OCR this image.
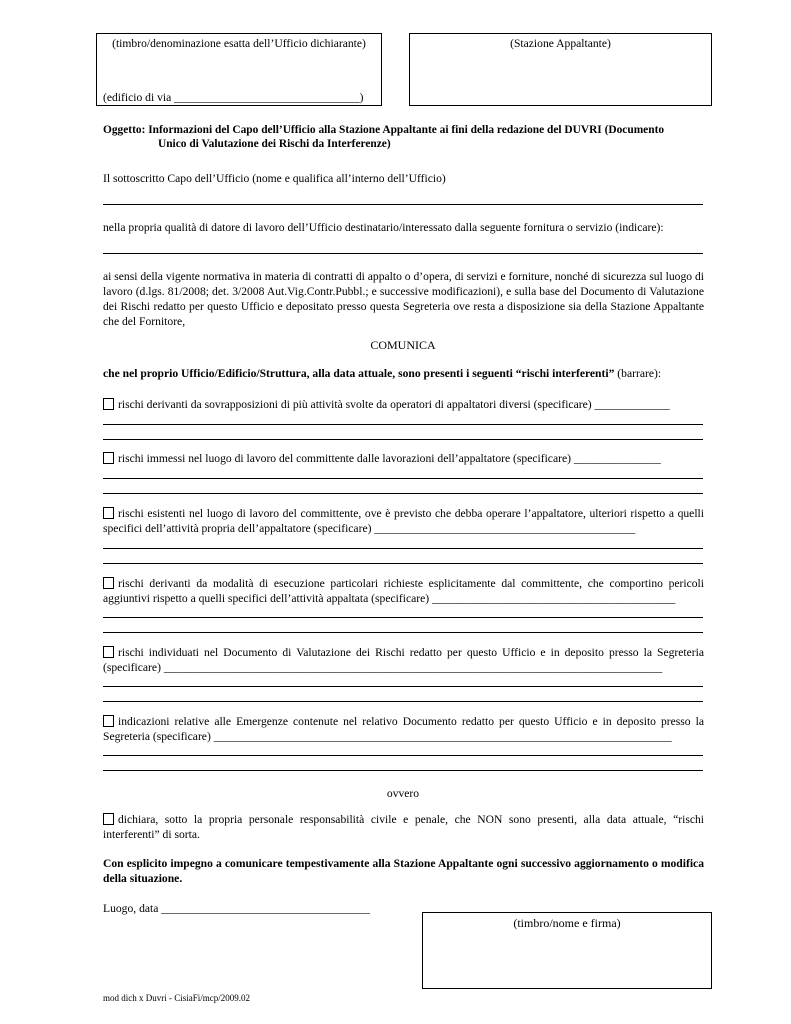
(timbro/denominazione esatta dell’Ufficio dichiarante)
(edificio di via ________________________________)
(Stazione Appaltante)
Oggetto: Informazioni del Capo dell’Ufficio alla Stazione Appaltante ai fini della redazione del DUVRI (Documento
Unico di Valutazione dei Rischi da Interferenze)
Il sottoscritto Capo dell’Ufficio (nome e qualifica all’interno dell’Ufficio)
nella propria qualità di datore di lavoro dell’Ufficio destinatario/interessato dalla seguente fornitura o servizio (indicare):
ai sensi della vigente normativa in materia di contratti di appalto o d’opera, di servizi e forniture, nonché di sicurezza sul luogo di lavoro (d.lgs. 81/2008; det. 3/2008 Aut.Vig.Contr.Pubbl.; e successive modificazioni), e sulla base del Documento di Valutazione dei Rischi redatto per questo Ufficio e depositato presso questa Segreteria ove resta a disposizione sia della Stazione Appaltante che del Fornitore,
COMUNICA
che nel proprio Ufficio/Edificio/Struttura, alla data attuale, sono presenti i seguenti “rischi interferenti” (barrare):
rischi derivanti da sovrapposizioni di più attività svolte da operatori di appaltatori diversi (specificare) _____________
rischi immessi nel luogo di lavoro del committente dalle lavorazioni dell’appaltatore (specificare) _______________
rischi esistenti nel luogo di lavoro del committente, ove è previsto che debba operare l’appaltatore, ulteriori rispetto a quelli specifici dell’attività propria dell’appaltatore (specificare) _____________________________________________
rischi derivanti da modalità di esecuzione particolari richieste esplicitamente dal committente, che comportino pericoli aggiuntivi rispetto a quelli specifici dell’attività appaltata (specificare) __________________________________________
rischi individuati nel Documento di Valutazione dei Rischi redatto per questo Ufficio e in deposito presso la Segreteria (specificare) ______________________________________________________________________________________
indicazioni relative alle Emergenze contenute nel relativo Documento redatto per questo Ufficio e in deposito presso la Segreteria (specificare) _______________________________________________________________________________
ovvero
dichiara, sotto la propria personale responsabilità civile e penale, che NON sono presenti, alla data attuale, “rischi interferenti” di sorta.
Con esplicito impegno a comunicare tempestivamente alla Stazione Appaltante ogni successivo aggiornamento o modifica della situazione.
Luogo, data ____________________________________
(timbro/nome e firma)
mod dich x Duvri - CisiaFi/mcp/2009.02
